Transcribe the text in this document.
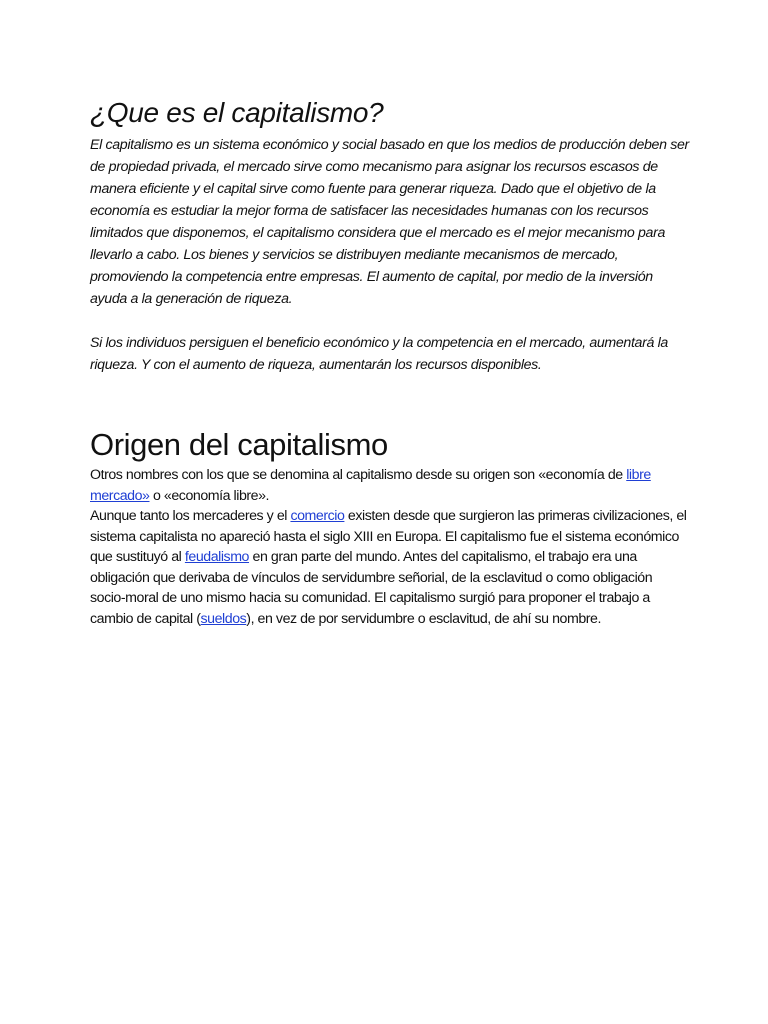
¿Que es el capitalismo?

El capitalismo es un sistema económico y social basado en que los medios de producción deben ser de propiedad privada, el mercado sirve como mecanismo para asignar los recursos escasos de manera eficiente y el capital sirve como fuente para generar riqueza. Dado que el objetivo de la economía es estudiar la mejor forma de satisfacer las necesidades humanas con los recursos limitados que disponemos, el capitalismo considera que el mercado es el mejor mecanismo para llevarlo a cabo. Los bienes y servicios se distribuyen mediante mecanismos de mercado, promoviendo la competencia entre empresas. El aumento de capital, por medio de la inversión ayuda a la generación de riqueza.

Si los individuos persiguen el beneficio económico y la competencia en el mercado, aumentará la riqueza. Y con el aumento de riqueza, aumentarán los recursos disponibles.

Origen del capitalismo

Otros nombres con los que se denomina al capitalismo desde su origen son «economía de libre mercado» o «economía libre».

Aunque tanto los mercaderes y el comercio existen desde que surgieron las primeras civilizaciones, el sistema capitalista no apareció hasta el siglo XIII en Europa. El capitalismo fue el sistema económico que sustituyó al feudalismo en gran parte del mundo. Antes del capitalismo, el trabajo era una obligación que derivaba de vínculos de servidumbre señorial, de la esclavitud o como obligación socio-moral de uno mismo hacia su comunidad. El capitalismo surgió para proponer el trabajo a cambio de capital (sueldos), en vez de por servidumbre o esclavitud, de ahí su nombre.
